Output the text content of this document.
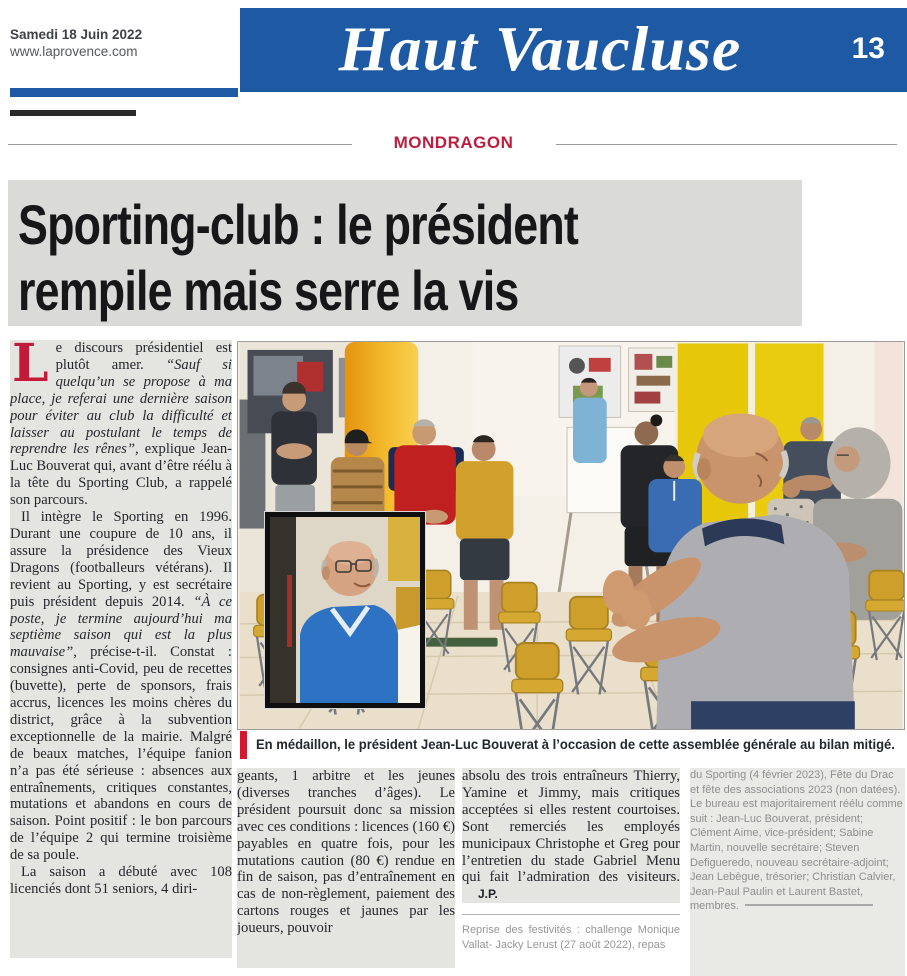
Samedi 18 Juin 2022
www.laprovence.com	Haut Vaucluse	13
MONDRAGON
Sporting-club : le président
rempile mais serre la vis

Le discours présidentiel est plutôt amer. “Sauf si quelqu’un se propose à ma place, je referai une dernière saison pour éviter au club la difficulté et laisser au postulant le temps de reprendre les rênes”, explique Jean-Luc Bouverat qui, avant d’être réélu à la tête du Sporting Club, a rappelé son parcours.

Il intègre le Sporting en 1996. Durant une coupure de 10 ans, il assure la présidence des Vieux Dragons (footballeurs vétérans). Il revient au Sporting, y est secrétaire puis président depuis 2014. “À ce poste, je termine aujourd’hui ma septième saison qui est la plus mauvaise”, précise-t-il. Constat : consignes anti-Covid, peu de recettes (buvette), perte de sponsors, frais accrus, licences les moins chères du district, grâce à la subvention exceptionnelle de la mairie. Malgré de beaux matches, l’équipe fanion n’a pas été sérieuse : absences aux entraînements, critiques constantes, mutations et abandons en cours de saison. Point positif : le bon parcours de l’équipe 2 qui termine troisième de sa poule.

La saison a débuté avec 108 licenciés dont 51 seniors, 4 diri-

En médaillon, le président Jean-Luc Bouverat à l’occasion de cette assemblée générale au bilan mitigé.

geants, 1 arbitre et les jeunes (diverses tranches d’âges). Le président poursuit donc sa mission avec ces conditions : licences (160 €) payables en quatre fois, pour les mutations caution (80 €) rendue en fin de saison, pas d’entraînement en cas de non-règlement, paiement des cartons rouges et jaunes par les joueurs, pouvoir

absolu des trois entraîneurs Thierry, Yamine et Jimmy, mais critiques acceptées si elles restent courtoises. Sont remerciés les employés municipaux Christophe et Greg pour l’entretien du stade Gabriel Menu qui fait l’admiration des visiteurs.J.P.

Reprise des festivités : challenge Monique Vallat- Jacky Lerust (27 août 2022), repas

du Sporting (4 février 2023), Fête du Drac et fête des associations 2023 (non datées).

Le bureau est majoritairement réélu comme suit : Jean-Luc Bouverat, président; Clément Aime, vice-président; Sabine Martin, nouvelle secrétaire; Steven Defigueredo, nouveau secrétaire-adjoint; Jean Lebègue, trésorier; Christian Calvier, Jean-Paul Paulin et Laurent Bastet, membres.
